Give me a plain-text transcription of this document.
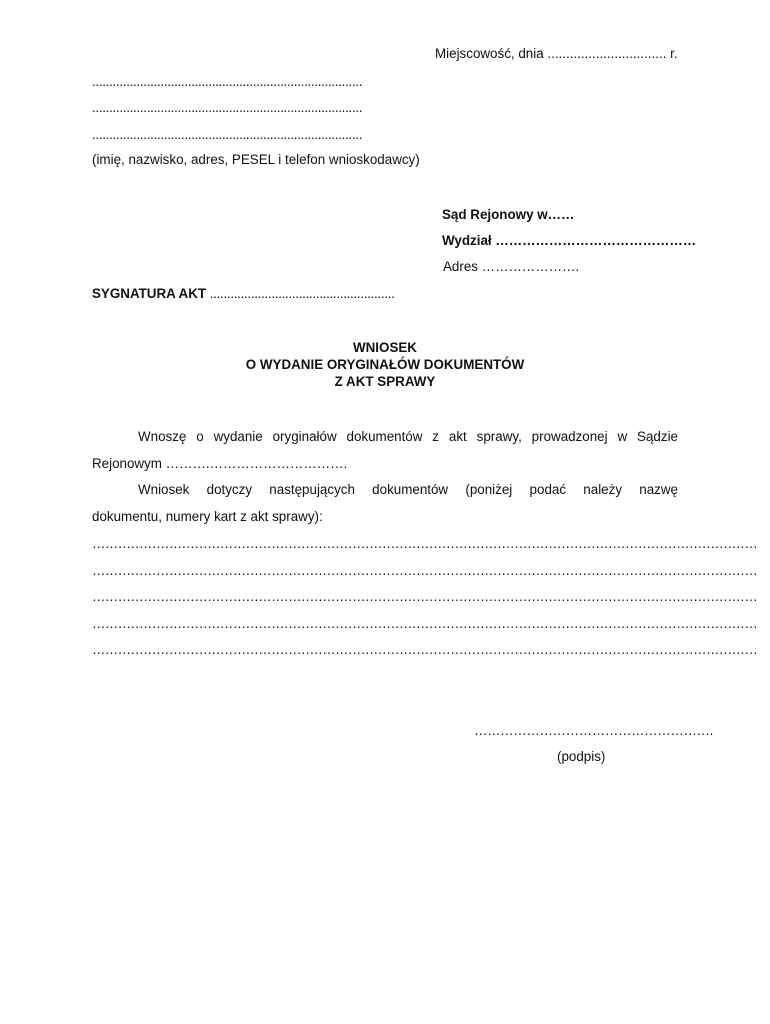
Miejscowość, dnia ................................ r.
...............................................................................
...............................................................................
...............................................................................
(imię, nazwisko, adres, PESEL i telefon wnioskodawcy)
Sąd Rejonowy w……
Wydział ………………………………………
Adres ………………….
SYGNATURA AKT ......................................................
WNIOSEK
O WYDANIE ORYGINAŁÓW DOKUMENTÓW
Z AKT SPRAWY
Wnoszę o wydanie oryginałów dokumentów z akt sprawy, prowadzonej w Sądzie
Rejonowym ……….………………………….
Wniosek dotyczy następujących dokumentów (poniżej podać należy nazwę
dokumentu, numery kart z akt sprawy):
…………………………………………………………………………………………………………………………………………
…………………………………………………………………………………………………………………………………………
…………………………………………………………………………………………………………………………………………
…………………………………………………………………………………………………………………………………………
…………………………………………………………………………………………………………………………………………
……………………………………………….
(podpis)
